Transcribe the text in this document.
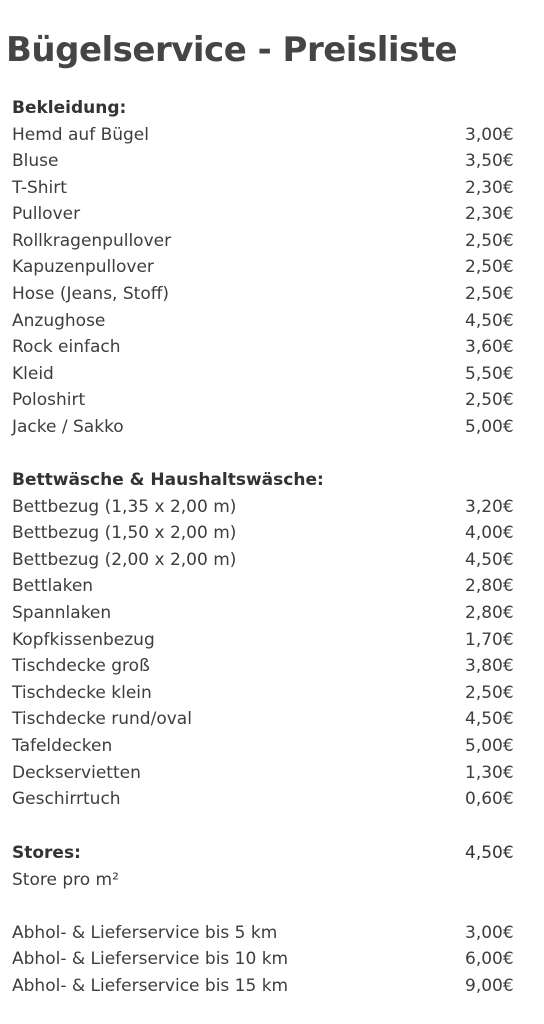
Bügelservice - Preisliste
Bekleidung:
Hemd auf Bügel	3,00€
Bluse	3,50€
T-Shirt	2,30€
Pullover	2,30€
Rollkragenpullover	2,50€
Kapuzenpullover	2,50€
Hose (Jeans, Stoff)	2,50€
Anzughose	4,50€
Rock einfach	3,60€
Kleid	5,50€
Poloshirt	2,50€
Jacke / Sakko	5,00€
Bettwäsche & Haushaltswäsche:
Bettbezug (1,35 x 2,00 m)	3,20€
Bettbezug (1,50 x 2,00 m)	4,00€
Bettbezug (2,00 x 2,00 m)	4,50€
Bettlaken	2,80€
Spannlaken	2,80€
Kopfkissenbezug	1,70€
Tischdecke groß	3,80€
Tischdecke klein	2,50€
Tischdecke rund/oval	4,50€
Tafeldecken	5,00€
Deckservietten	1,30€
Geschirrtuch	0,60€
Stores:	4,50€
Store pro m²
Abhol- & Lieferservice bis 5 km	3,00€
Abhol- & Lieferservice bis 10 km	6,00€
Abhol- & Lieferservice bis 15 km	9,00€
